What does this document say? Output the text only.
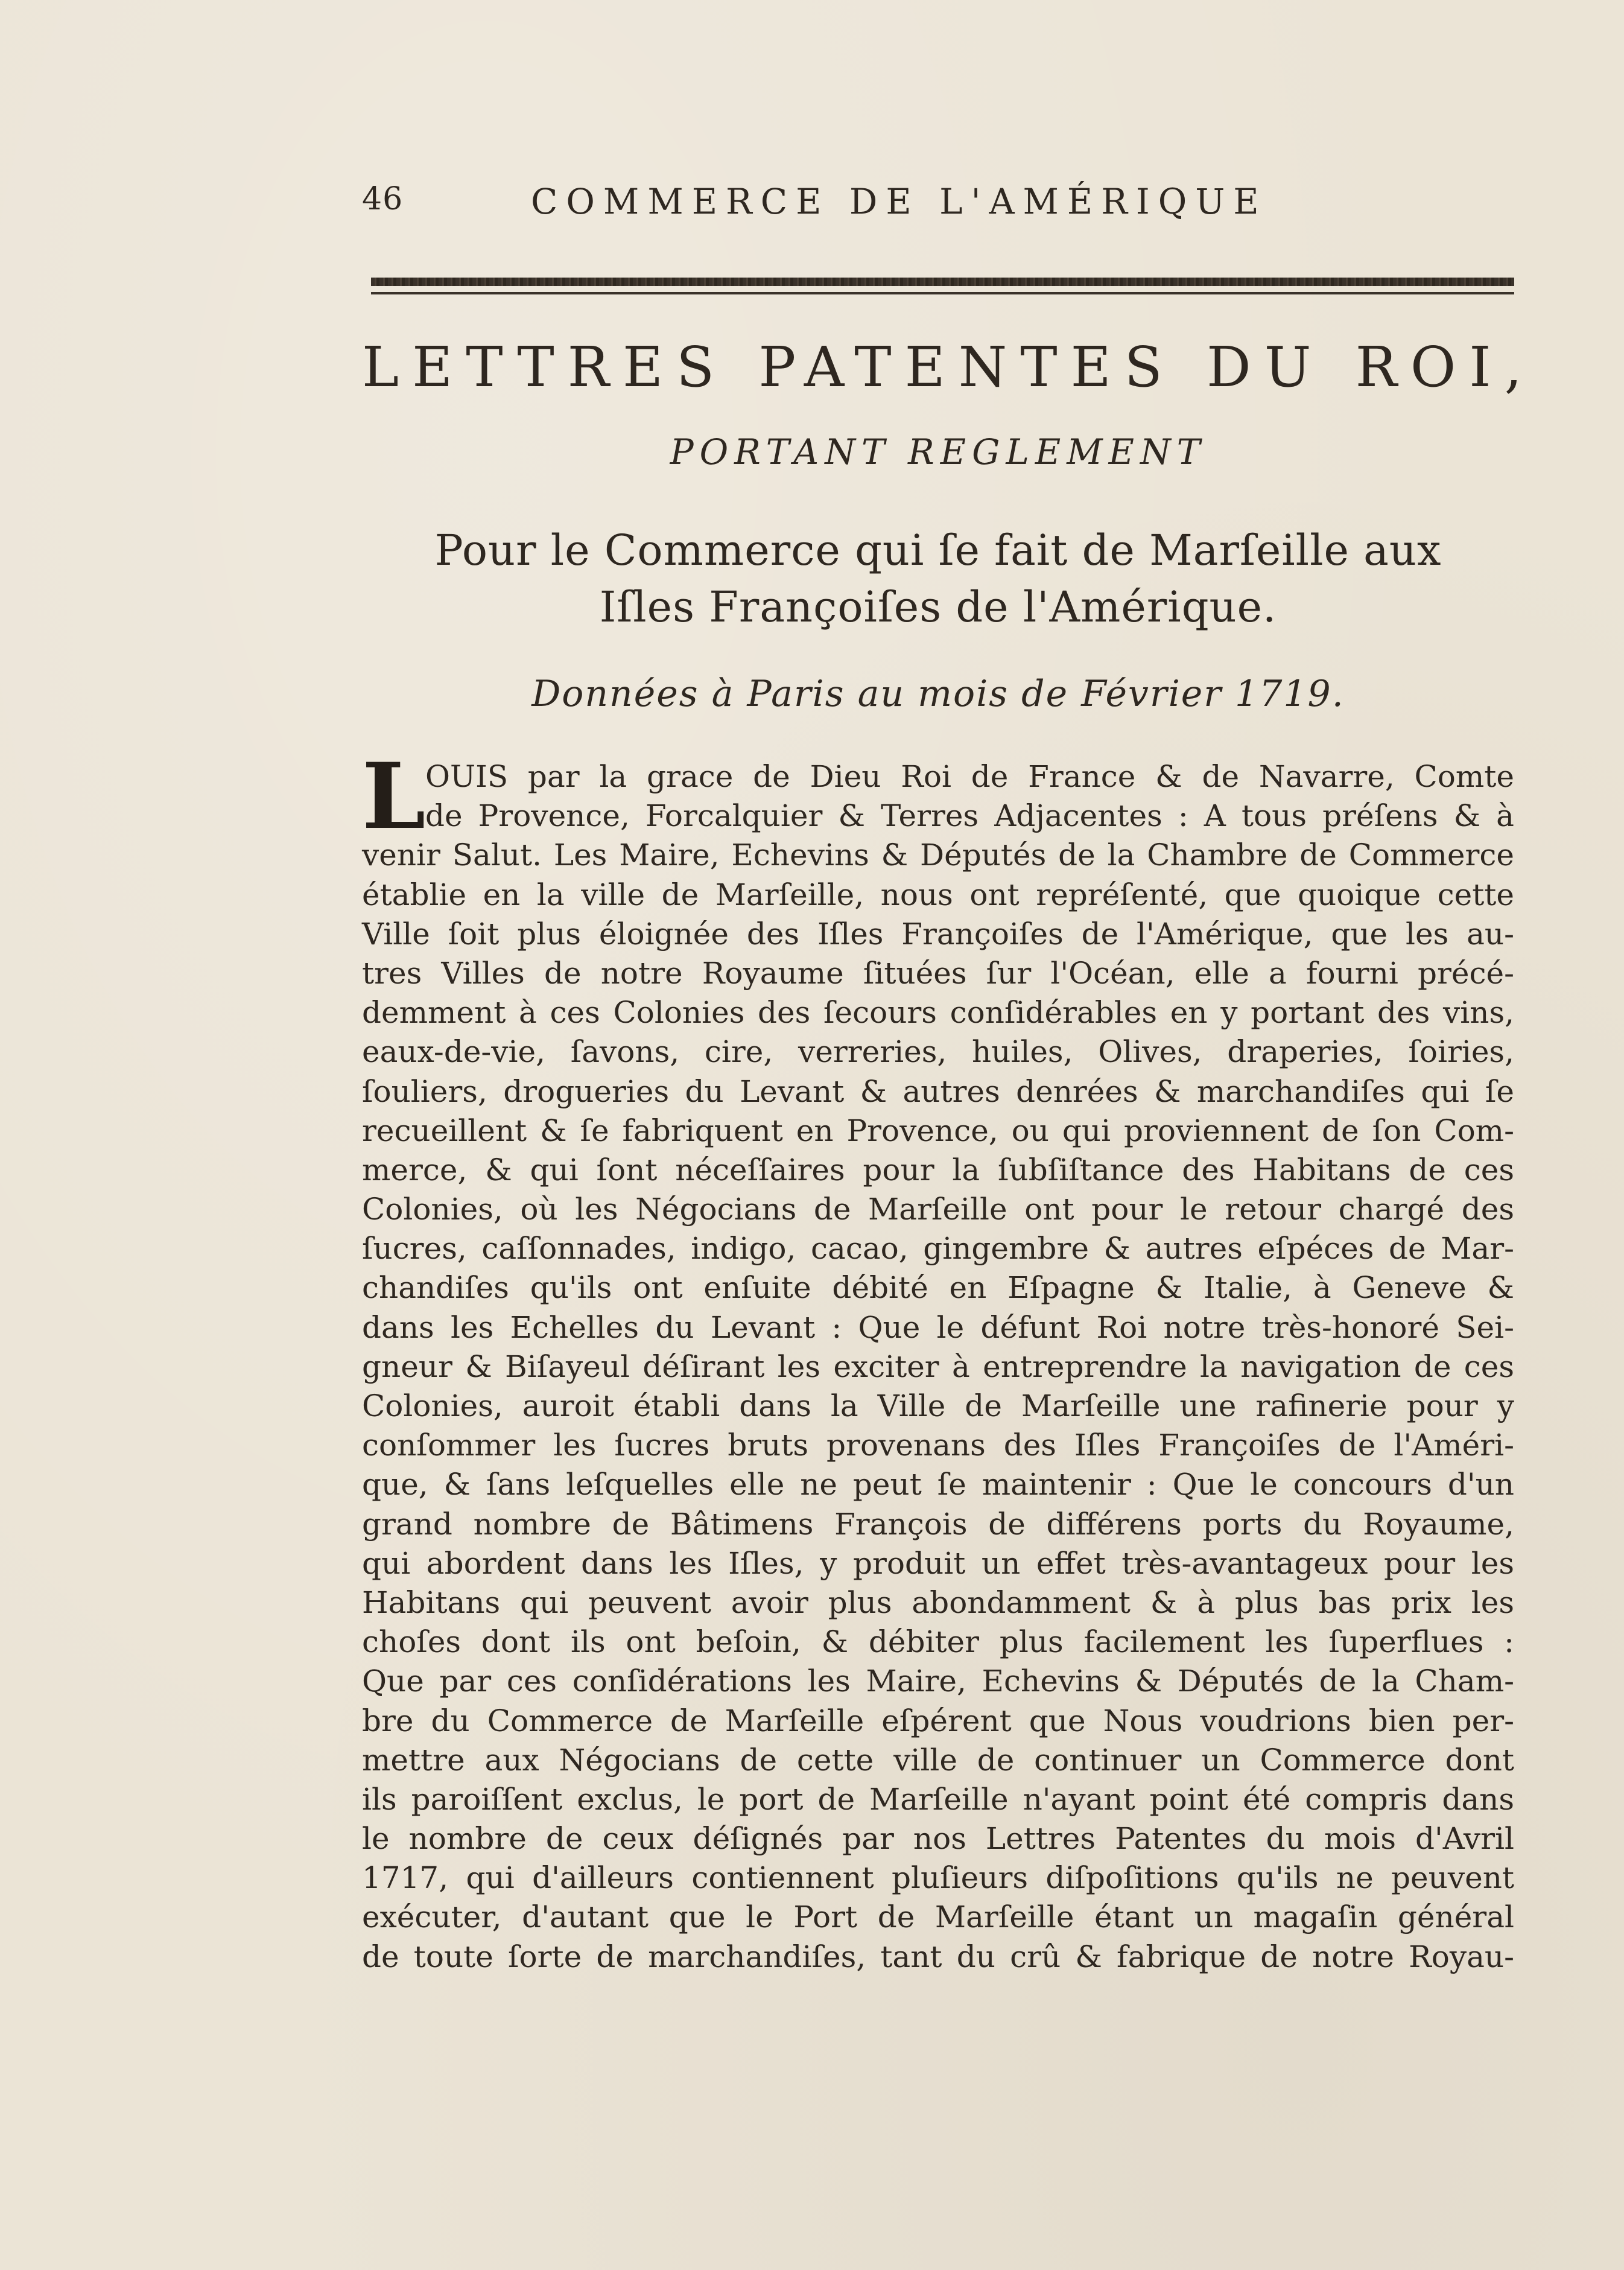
46	COMMERCE DE L'AMÉRIQUE
LETTRES PATENTES DU ROI,
PORTANT REGLEMENT
Pour le Commerce qui ſe fait de Marſeille aux
Iſles Françoiſes de l'Amérique.
Données à Paris au mois de Février 1719.
L OUIS par la grace de Dieu Roi de France & de Navarre, Comte
de Provence, Forcalquier & Terres Adjacentes : A tous préſens & à
venir Salut. Les Maire, Echevins & Députés de la Chambre de Commerce
établie en la ville de Marſeille, nous ont repréſenté, que quoique cette
Ville ſoit plus éloignée des Iſles Françoiſes de l'Amérique, que les au-
tres Villes de notre Royaume ſituées ſur l'Océan, elle a fourni précé-
demment à ces Colonies des ſecours conſidérables en y portant des vins,
eaux-de-vie, ſavons, cire, verreries, huiles, Olives, draperies, ſoiries,
ſouliers, drogueries du Levant & autres denrées & marchandiſes qui ſe
recueillent & ſe fabriquent en Provence, ou qui proviennent de ſon Com-
merce, & qui ſont néceſſaires pour la ſubſiſtance des Habitans de ces
Colonies, où les Négocians de Marſeille ont pour le retour chargé des
ſucres, caſſonnades, indigo, cacao, gingembre & autres eſpéces de Mar-
chandiſes qu'ils ont enſuite débité en Eſpagne & Italie, à Geneve &
dans les Echelles du Levant : Que le défunt Roi notre très-honoré Sei-
gneur & Biſayeul déſirant les exciter à entreprendre la navigation de ces
Colonies, auroit établi dans la Ville de Marſeille une rafinerie pour y
conſommer les ſucres bruts provenans des Iſles Françoiſes de l'Améri-
que, & ſans leſquelles elle ne peut ſe maintenir : Que le concours d'un
grand nombre de Bâtimens François de différens ports du Royaume,
qui abordent dans les Iſles, y produit un effet très-avantageux pour les
Habitans qui peuvent avoir plus abondamment & à plus bas prix les
choſes dont ils ont beſoin, & débiter plus facilement les ſuperflues :
Que par ces conſidérations les Maire, Echevins & Députés de la Cham-
bre du Commerce de Marſeille eſpérent que Nous voudrions bien per-
mettre aux Négocians de cette ville de continuer un Commerce dont
ils paroiſſent exclus, le port de Marſeille n'ayant point été compris dans
le nombre de ceux déſignés par nos Lettres Patentes du mois d'Avril
1717, qui d'ailleurs contiennent pluſieurs diſpoſitions qu'ils ne peuvent
exécuter, d'autant que le Port de Marſeille étant un magaſin général
de toute ſorte de marchandiſes, tant du crû & fabrique de notre Royau-
